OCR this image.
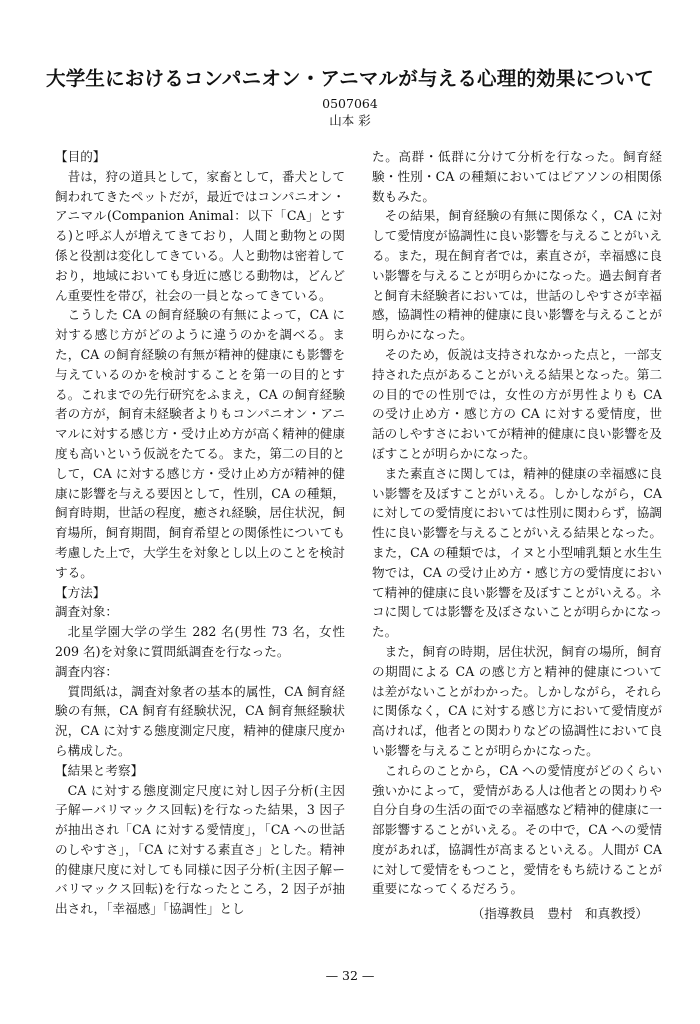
大学生におけるコンパニオン・アニマルが与える心理的効果について
0507064
山本 彩

【目的】

昔は，狩の道具として，家畜として，番犬として飼われてきたペットだが，最近ではコンパニオン・アニマル(Companion Animal：以下「CA」とする)と呼ぶ人が増えてきており，人間と動物との関係と役割は変化してきている。人と動物は密着しており，地域においても身近に感じる動物は，どんどん重要性を帯び，社会の一員となってきている。

こうした CA の飼育経験の有無によって，CA に対する感じ方がどのように違うのかを調べる。また，CA の飼育経験の有無が精神的健康にも影響を与えているのかを検討することを第一の目的とする。これまでの先行研究をふまえ，CA の飼育経験者の方が，飼育未経験者よりもコンパニオン・アニマルに対する感じ方・受け止め方が高く精神的健康度も高いという仮説をたてる。また，第二の目的として，CA に対する感じ方・受け止め方が精神的健康に影響を与える要因として，性別，CA の種類，飼育時期，世話の程度，癒され経験，居住状況，飼育場所，飼育期間，飼育希望との関係性についても考慮した上で，大学生を対象とし以上のことを検討する。

【方法】

調査対象：

北星学園大学の学生 282 名(男性 73 名，女性 209 名)を対象に質問紙調査を行なった。

調査内容：

質問紙は，調査対象者の基本的属性，CA 飼育経験の有無，CA 飼育有経験状況，CA 飼育無経験状況，CA に対する態度測定尺度，精神的健康尺度から構成した。

【結果と考察】

CA に対する態度測定尺度に対し因子分析(主因子解ーバリマックス回転)を行なった結果，3 因子が抽出され「CA に対する愛情度」，「CA への世話のしやすさ」，「CA に対する素直さ」とした。精神的健康尺度に対しても同様に因子分析(主因子解ーバリマックス回転)を行なったところ，2 因子が抽出され，「幸福感」「協調性」とし

た。高群・低群に分けて分析を行なった。飼育経験・性別・CA の種類においてはピアソンの相関係数もみた。

その結果，飼育経験の有無に関係なく，CA に対して愛情度が協調性に良い影響を与えることがいえる。また，現在飼育者では，素直さが，幸福感に良い影響を与えることが明らかになった。過去飼育者と飼育未経験者においては，世話のしやすさが幸福感，協調性の精神的健康に良い影響を与えることが明らかになった。

そのため，仮説は支持されなかった点と，一部支持された点があることがいえる結果となった。第二の目的での性別では，女性の方が男性よりも CA の受け止め方・感じ方の CA に対する愛情度，世話のしやすさにおいてが精神的健康に良い影響を及ぼすことが明らかになった。

また素直さに関しては，精神的健康の幸福感に良い影響を及ぼすことがいえる。しかしながら，CA に対しての愛情度においては性別に関わらず，協調性に良い影響を与えることがいえる結果となった。また，CA の種類では，イヌと小型哺乳類と水生生物では，CA の受け止め方・感じ方の愛情度において精神的健康に良い影響を及ぼすことがいえる。ネコに関しては影響を及ぼさないことが明らかになった。

また，飼育の時期，居住状況，飼育の場所，飼育の期間による CA の感じ方と精神的健康については差がないことがわかった。しかしながら，それらに関係なく，CA に対する感じ方において愛情度が高ければ，他者との関わりなどの協調性において良い影響を与えることが明らかになった。

これらのことから，CA への愛情度がどのくらい強いかによって，愛情がある人は他者との関わりや自分自身の生活の面での幸福感など精神的健康に一部影響することがいえる。その中で，CA への愛情度があれば，協調性が高まるといえる。人間が CA に対して愛情をもつこと，愛情をもち続けることが重要になってくるだろう。

（指導教員　豊村　和真教授）

— 32 —
